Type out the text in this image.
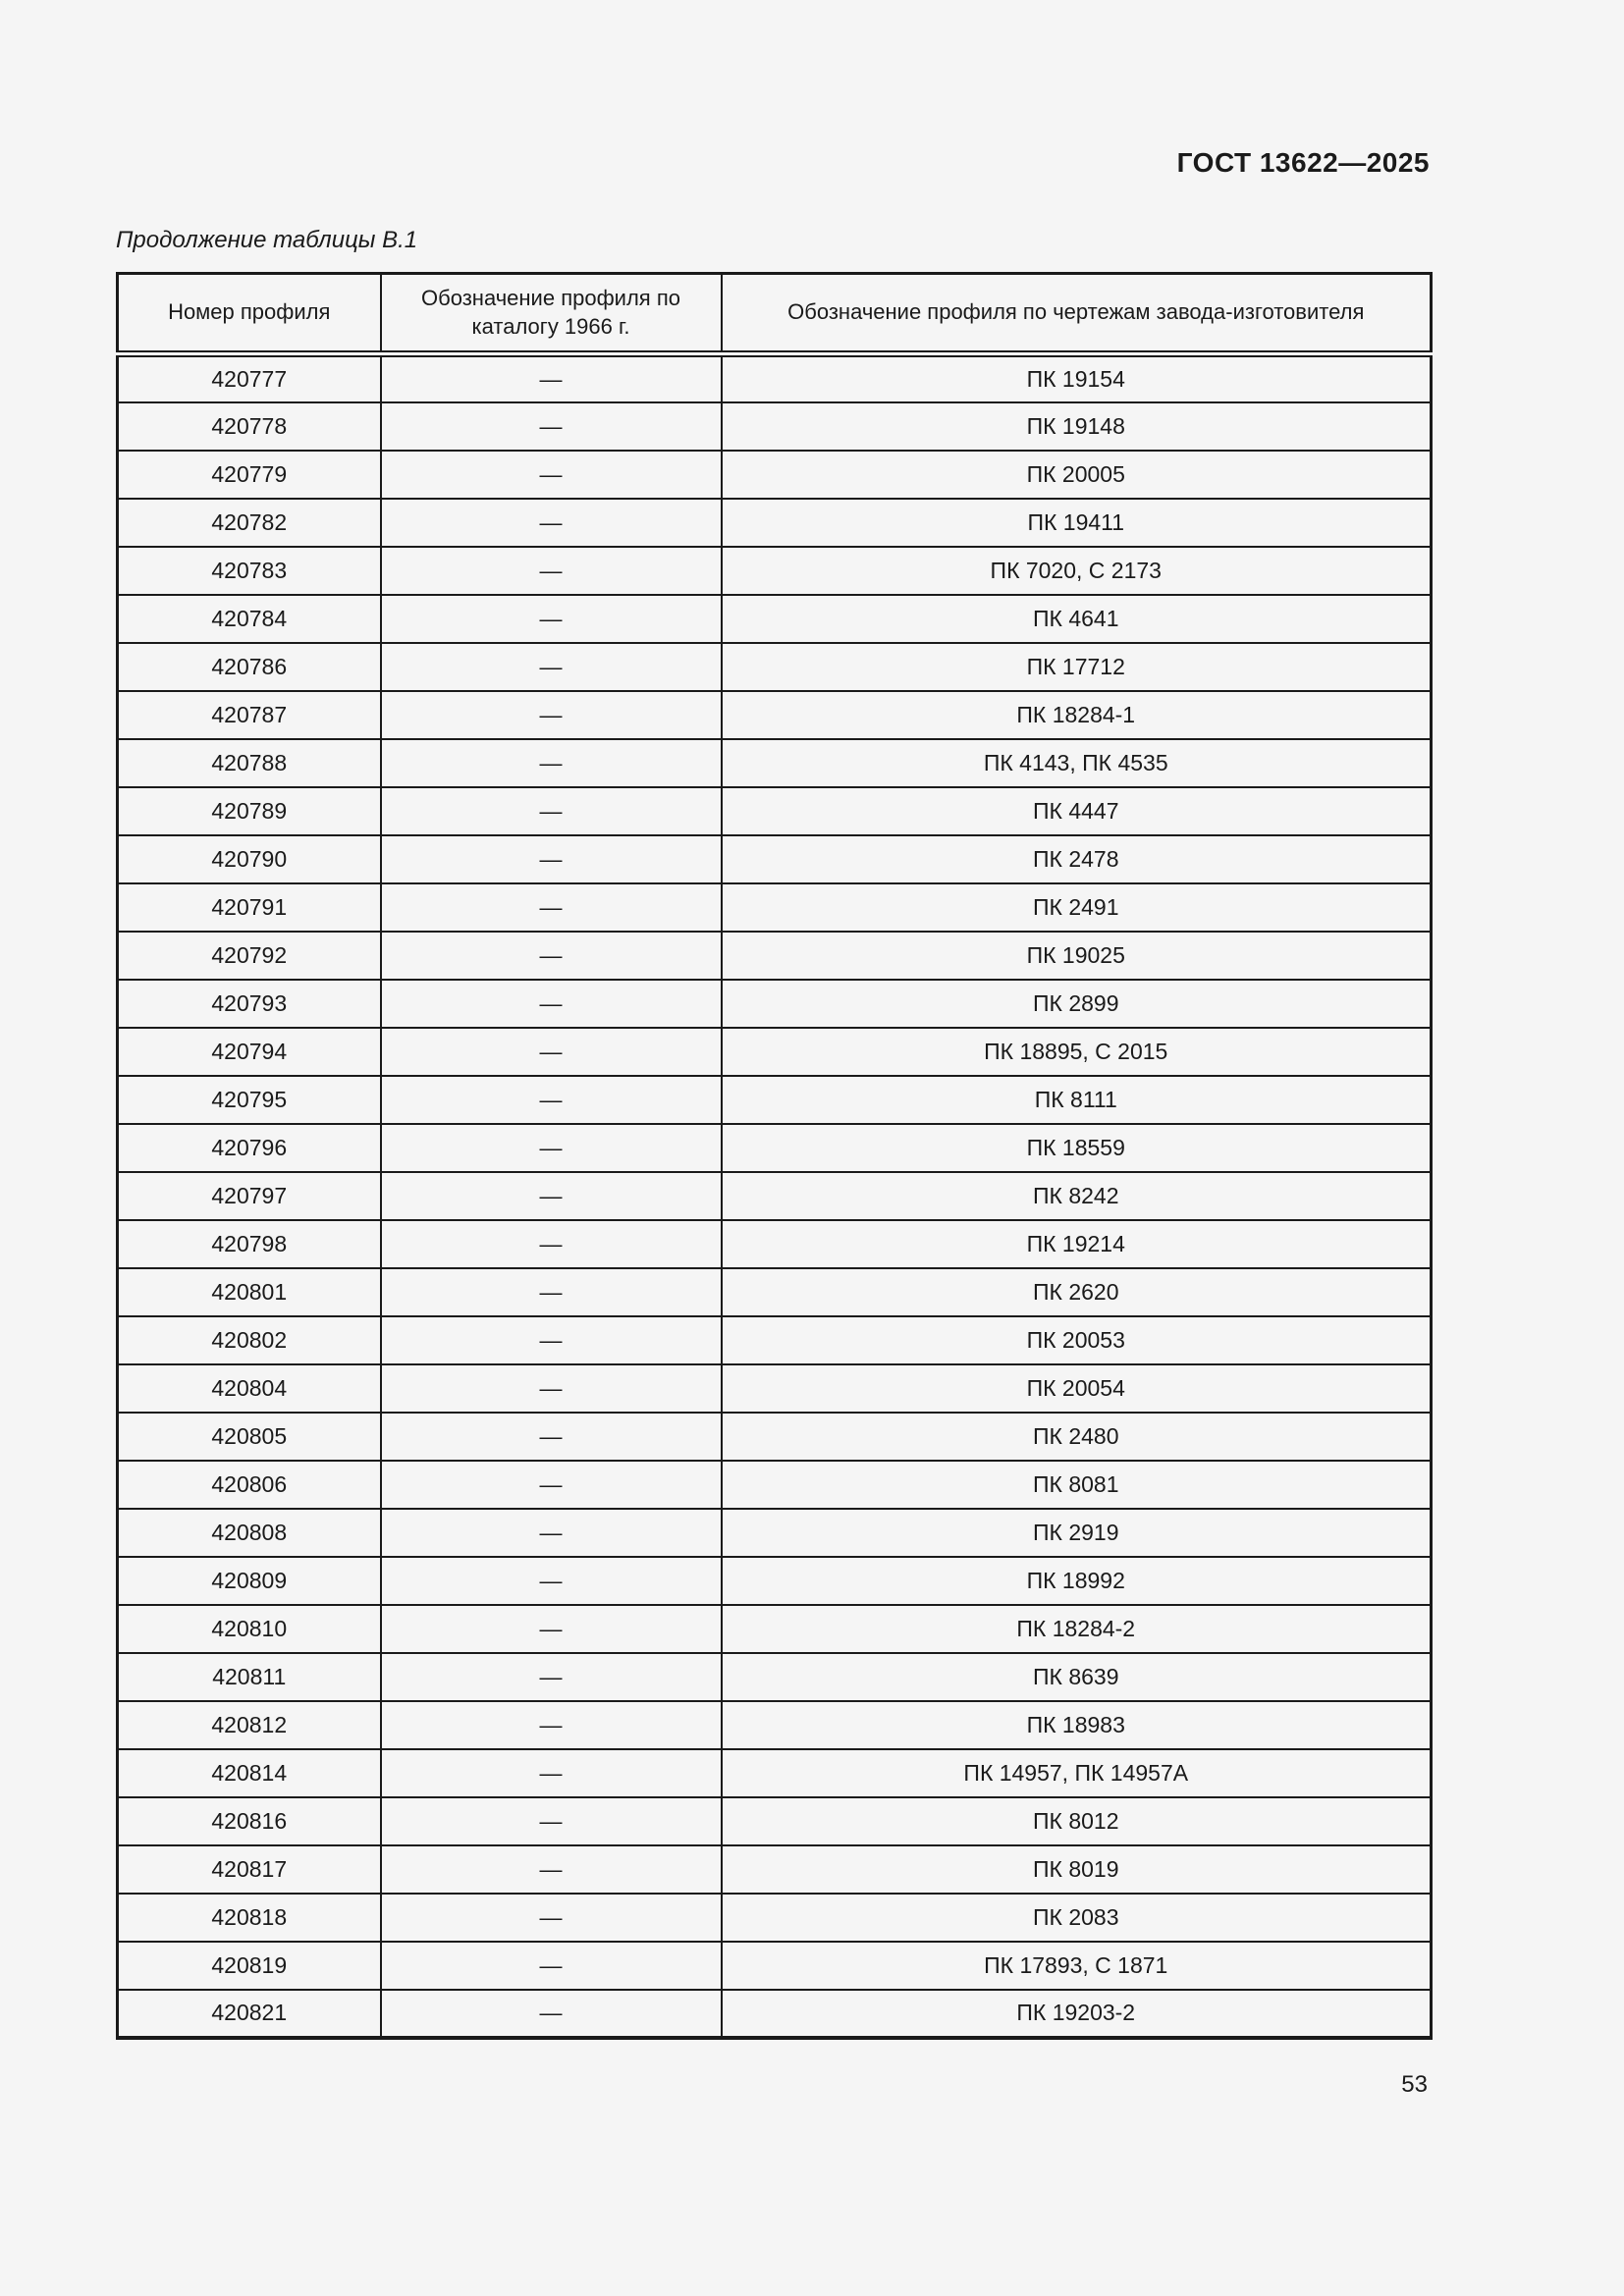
ГОСТ 13622—2025
Продолжение таблицы В.1
Номер профиля	Обозначение профиля по каталогу 1966 г.	Обозначение профиля по чертежам завода-изготовителя
420777	—	ПК 19154
420778	—	ПК 19148
420779	—	ПК 20005
420782	—	ПК 19411
420783	—	ПК 7020, С 2173
420784	—	ПК 4641
420786	—	ПК 17712
420787	—	ПК 18284-1
420788	—	ПК 4143, ПК 4535
420789	—	ПК 4447
420790	—	ПК 2478
420791	—	ПК 2491
420792	—	ПК 19025
420793	—	ПК 2899
420794	—	ПК 18895, С 2015
420795	—	ПК 8111
420796	—	ПК 18559
420797	—	ПК 8242
420798	—	ПК 19214
420801	—	ПК 2620
420802	—	ПК 20053
420804	—	ПК 20054
420805	—	ПК 2480
420806	—	ПК 8081
420808	—	ПК 2919
420809	—	ПК 18992
420810	—	ПК 18284-2
420811	—	ПК 8639
420812	—	ПК 18983
420814	—	ПК 14957, ПК 14957А
420816	—	ПК 8012
420817	—	ПК 8019
420818	—	ПК 2083
420819	—	ПК 17893, С 1871
420821	—	ПК 19203-2
53
